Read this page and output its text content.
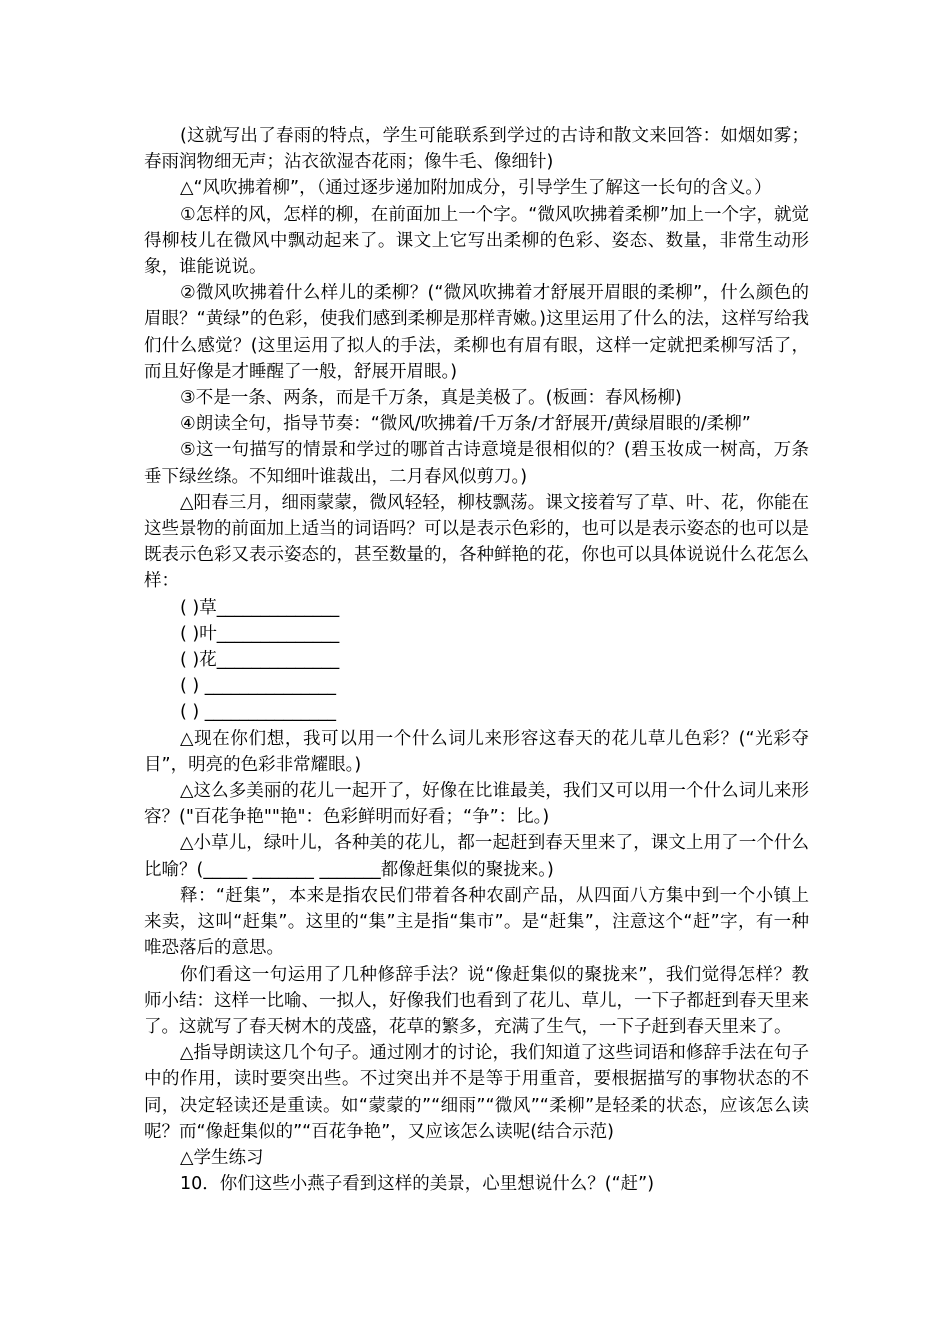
(这就写出了春雨的特点，学生可能联系到学过的古诗和散文来回答：如烟如雾；春雨润物细无声；沾衣欲湿杏花雨；像牛毛、像细针)

△“风吹拂着柳”，（通过逐步递加附加成分，引导学生了解这一长句的含义。）

①怎样的风，怎样的柳，在前面加上一个字。“微风吹拂着柔柳”加上一个字，就觉得柳枝儿在微风中飘动起来了。课文上它写出柔柳的色彩、姿态、数量，非常生动形象，谁能说说。

②微风吹拂着什么样儿的柔柳？(“微风吹拂着才舒展开眉眼的柔柳”，什么颜色的眉眼？“黄绿”的色彩，使我们感到柔柳是那样青嫩。)这里运用了什么的法，这样写给我们什么感觉？(这里运用了拟人的手法，柔柳也有眉有眼，这样一定就把柔柳写活了，而且好像是才睡醒了一般，舒展开眉眼。)

③不是一条、两条，而是千万条，真是美极了。(板画：春风杨柳)

④朗读全句，指导节奏：“微风/吹拂着/千万条/才舒展开/黄绿眉眼的/柔柳”

⑤这一句描写的情景和学过的哪首古诗意境是很相似的？(碧玉妆成一树高，万条垂下绿丝绦。不知细叶谁裁出，二月春风似剪刀。)

△阳春三月，细雨蒙蒙，微风轻轻，柳枝飘荡。课文接着写了草、叶、花，你能在这些景物的前面加上适当的词语吗？可以是表示色彩的，也可以是表示姿态的也可以是既表示色彩又表示姿态的，甚至数量的，各种鲜艳的花，你也可以具体说说什么花怎么样：

( )草______________

( )叶______________

( )花______________

( ) _______________

( ) _______________

△现在你们想，我可以用一个什么词儿来形容这春天的花儿草儿色彩？(“光彩夺目”，明亮的色彩非常耀眼。)

△这么多美丽的花儿一起开了，好像在比谁最美，我们又可以用一个什么词儿来形容？("百花争艳""艳"：色彩鲜明而好看；“争”：比。)

△小草儿，绿叶儿，各种美的花儿，都一起赶到春天里来了，课文上用了一个什么比喻？(_____ _______ _______都像赶集似的聚拢来。)

释：“赶集”，本来是指农民们带着各种农副产品，从四面八方集中到一个小镇上来卖，这叫“赶集”。这里的“集”主是指“集市”。是“赶集”，注意这个“赶”字，有一种唯恐落后的意思。

你们看这一句运用了几种修辞手法？说“像赶集似的聚拢来”，我们觉得怎样？教师小结：这样一比喻、一拟人，好像我们也看到了花儿、草儿，一下子都赶到春天里来了。这就写了春天树木的茂盛，花草的繁多，充满了生气，一下子赶到春天里来了。

△指导朗读这几个句子。通过刚才的讨论，我们知道了这些词语和修辞手法在句子中的作用，读时要突出些。不过突出并不是等于用重音，要根据描写的事物状态的不同，决定轻读还是重读。如“蒙蒙的”“细雨”“微风”“柔柳”是轻柔的状态，应该怎么读呢？而“像赶集似的”“百花争艳”，又应该怎么读呢(结合示范)

△学生练习

10．你们这些小燕子看到这样的美景，心里想说什么？(“赶”)
